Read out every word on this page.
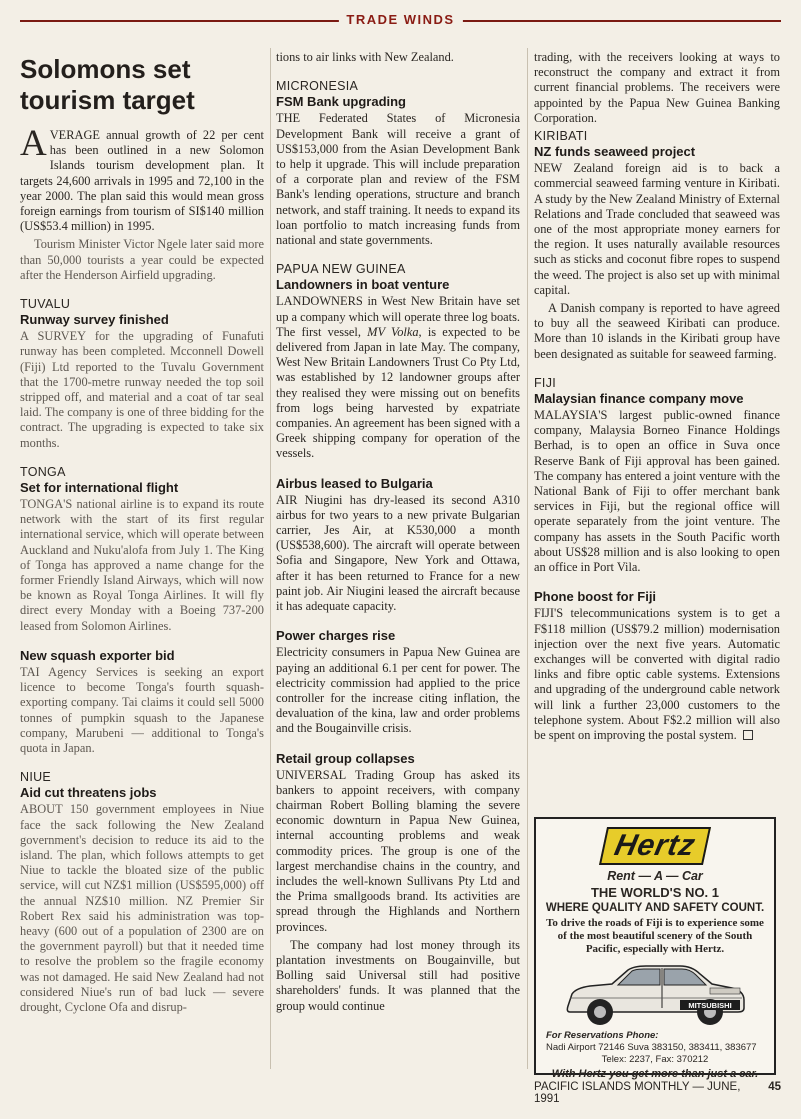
TRADE WINDS
Solomons set tourism target

AVERAGE annual growth of 22 per cent has been outlined in a new Solomon Islands tourism development plan. It targets 24,600 arrivals in 1995 and 72,100 in the year 2000. The plan said this would mean gross foreign earnings from tourism of SI$140 million (US$53.4 million) in 1995.

Tourism Minister Victor Ngele later said more than 50,000 tourists a year could be expected after the Henderson Airfield upgrading.

TUVALU
Runway survey finished

A SURVEY for the upgrading of Funafuti runway has been completed. Mcconnell Dowell (Fiji) Ltd reported to the Tuvalu Government that the 1700-metre runway needed the top soil stripped off, and material and a coat of tar seal laid. The company is one of three bidding for the contract. The upgrading is expected to take six months.

TONGA
Set for international flight

TONGA'S national airline is to expand its route network with the start of its first regular international service, which will operate between Auckland and Nuku'alofa from July 1. The King of Tonga has approved a name change for the former Friendly Island Airways, which will now be known as Royal Tonga Airlines. It will fly direct every Monday with a Boeing 737-200 leased from Solomon Airlines.

New squash exporter bid

TAI Agency Services is seeking an export licence to become Tonga's fourth squash-exporting company. Tai claims it could sell 5000 tonnes of pumpkin squash to the Japanese company, Marubeni — additional to Tonga's quota in Japan.

NIUE
Aid cut threatens jobs

ABOUT 150 government employees in Niue face the sack following the New Zealand government's decision to reduce its aid to the island. The plan, which follows attempts to get Niue to tackle the bloated size of the public service, will cut NZ$1 million (US$595,000) off the annual NZ$10 million. NZ Premier Sir Robert Rex said his administration was top-heavy (600 out of a population of 2300 are on the government payroll) but that it needed time to resolve the problem so the fragile economy was not damaged. He said New Zealand had not considered Niue's run of bad luck — severe drought, Cyclone Ofa and disrup-

tions to air links with New Zealand.

MICRONESIA
FSM Bank upgrading

THE Federated States of Micronesia Development Bank will receive a grant of US$153,000 from the Asian Development Bank to help it upgrade. This will include preparation of a corporate plan and review of the FSM Bank's lending operations, structure and branch network, and staff training. It needs to expand its loan portfolio to match increasing funds from national and state governments.

PAPUA NEW GUINEA
Landowners in boat venture

LANDOWNERS in West New Britain have set up a company which will operate three log boats. The first vessel, MV Volka, is expected to be delivered from Japan in late May. The company, West New Britain Landowners Trust Co Pty Ltd, was established by 12 landowner groups after they realised they were missing out on benefits from logs being harvested by expatriate companies. An agreement has been signed with a Greek shipping company for operation of the vessels.

Airbus leased to Bulgaria

AIR Niugini has dry-leased its second A310 airbus for two years to a new private Bulgarian carrier, Jes Air, at K530,000 a month (US$538,600). The aircraft will operate between Sofia and Singapore, New York and Ottawa, after it has been returned to France for a new paint job. Air Niugini leased the aircraft because it has adequate capacity.

Power charges rise

Electricity consumers in Papua New Guinea are paying an additional 6.1 per cent for power. The electricity commission had applied to the price controller for the increase citing inflation, the devaluation of the kina, law and order problems and the Bougainville crisis.

Retail group collapses

UNIVERSAL Trading Group has asked its bankers to appoint receivers, with company chairman Robert Bolling blaming the severe economic downturn in Papua New Guinea, internal accounting problems and weak commodity prices. The group is one of the largest merchandise chains in the country, and includes the well-known Sullivans Pty Ltd and the Prima smallgoods brand. Its activities are spread through the Highlands and Northern provinces.

The company had lost money through its plantation investments on Bougainville, but Bolling said Universal still had positive shareholders' funds. It was planned that the group would continue

trading, with the receivers looking at ways to reconstruct the company and extract it from current financial problems. The receivers were appointed by the Papua New Guinea Banking Corporation.

KIRIBATI
NZ funds seaweed project

NEW Zealand foreign aid is to back a commercial seaweed farming venture in Kiribati. A study by the New Zealand Ministry of External Relations and Trade concluded that seaweed was one of the most appropriate money earners for the region. It uses naturally available resources such as sticks and coconut fibre ropes to suspend the weed. The project is also set up with minimal capital.

A Danish company is reported to have agreed to buy all the seaweed Kiribati can produce. More than 10 islands in the Kiribati group have been designated as suitable for seaweed farming.

FIJI
Malaysian finance company move

MALAYSIA'S largest public-owned finance company, Malaysia Borneo Finance Holdings Berhad, is to open an office in Suva once Reserve Bank of Fiji approval has been gained. The company has entered a joint venture with the National Bank of Fiji to offer merchant bank services in Fiji, but the regional office will operate separately from the joint venture. The company has assets in the South Pacific worth about US$28 million and is also looking to open an office in Port Vila.

Phone boost for Fiji

FIJI'S telecommunications system is to get a F$118 million (US$79.2 million) modernisation injection over the next five years. Automatic exchanges will be converted with digital radio links and fibre optic cable systems. Extensions and upgrading of the underground cable network will link a further 23,000 customers to the telephone system. About F$2.2 million will also be spent on improving the postal system.

Hertz
Rent — A — Car
THE WORLD'S NO. 1
WHERE QUALITY AND SAFETY COUNT.
To drive the roads of Fiji is to experience some of the most beautiful scenery of the South Pacific, especially with Hertz.
MITSUBISHI
For Reservations Phone:
Nadi Airport 72146 Suva 383150, 383411, 383677
Telex: 2237, Fax: 370212
With Hertz you get more than just a car.
PACIFIC ISLANDS MONTHLY — JUNE, 1991
45
